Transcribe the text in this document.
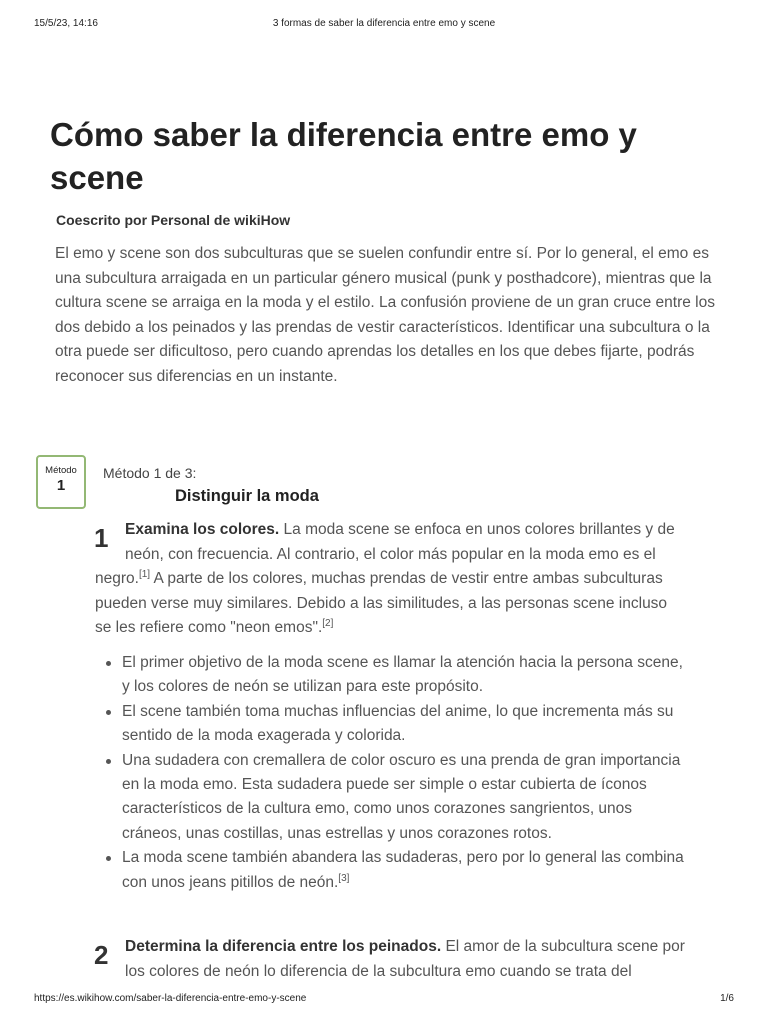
15/5/23, 14:16	3 formas de saber la diferencia entre emo y scene
Cómo saber la diferencia entre emo y scene
Coescrito por Personal de wikiHow

El emo y scene son dos subculturas que se suelen confundir entre sí. Por lo general, el emo es una subcultura arraigada en un particular género musical (punk y posthadcore), mientras que la cultura scene se arraiga en la moda y el estilo. La confusión proviene de un gran cruce entre los dos debido a los peinados y las prendas de vestir característicos. Identificar una subcultura o la otra puede ser dificultoso, pero cuando aprendas los detalles en los que debes fijarte, podrás reconocer sus diferencias en un instante.

Método
1
Método 1 de 3:
Distinguir la moda
1	Examina los colores. La moda scene se enfoca en unos colores brillantes y de neón, con frecuencia. Al contrario, el color más popular en la moda emo es el negro.[1] A parte de los colores, muchas prendas de vestir entre ambas subculturas pueden verse muy similares. Debido a las similitudes, a las personas scene incluso se les refiere como "neon emos".[2]

El primer objetivo de la moda scene es llamar la atención hacia la persona scene, y los colores de neón se utilizan para este propósito.
El scene también toma muchas influencias del anime, lo que incrementa más su sentido de la moda exagerada y colorida.
Una sudadera con cremallera de color oscuro es una prenda de gran importancia en la moda emo. Esta sudadera puede ser simple o estar cubierta de íconos característicos de la cultura emo, como unos corazones sangrientos, unos cráneos, unas costillas, unas estrellas y unos corazones rotos.
La moda scene también abandera las sudaderas, pero por lo general las combina con unos jeans pitillos de neón.[3]
2	Determina la diferencia entre los peinados. El amor de la subcultura scene por los colores de neón lo diferencia de la subcultura emo cuando se trata del

https://es.wikihow.com/saber-la-diferencia-entre-emo-y-scene	1/6
